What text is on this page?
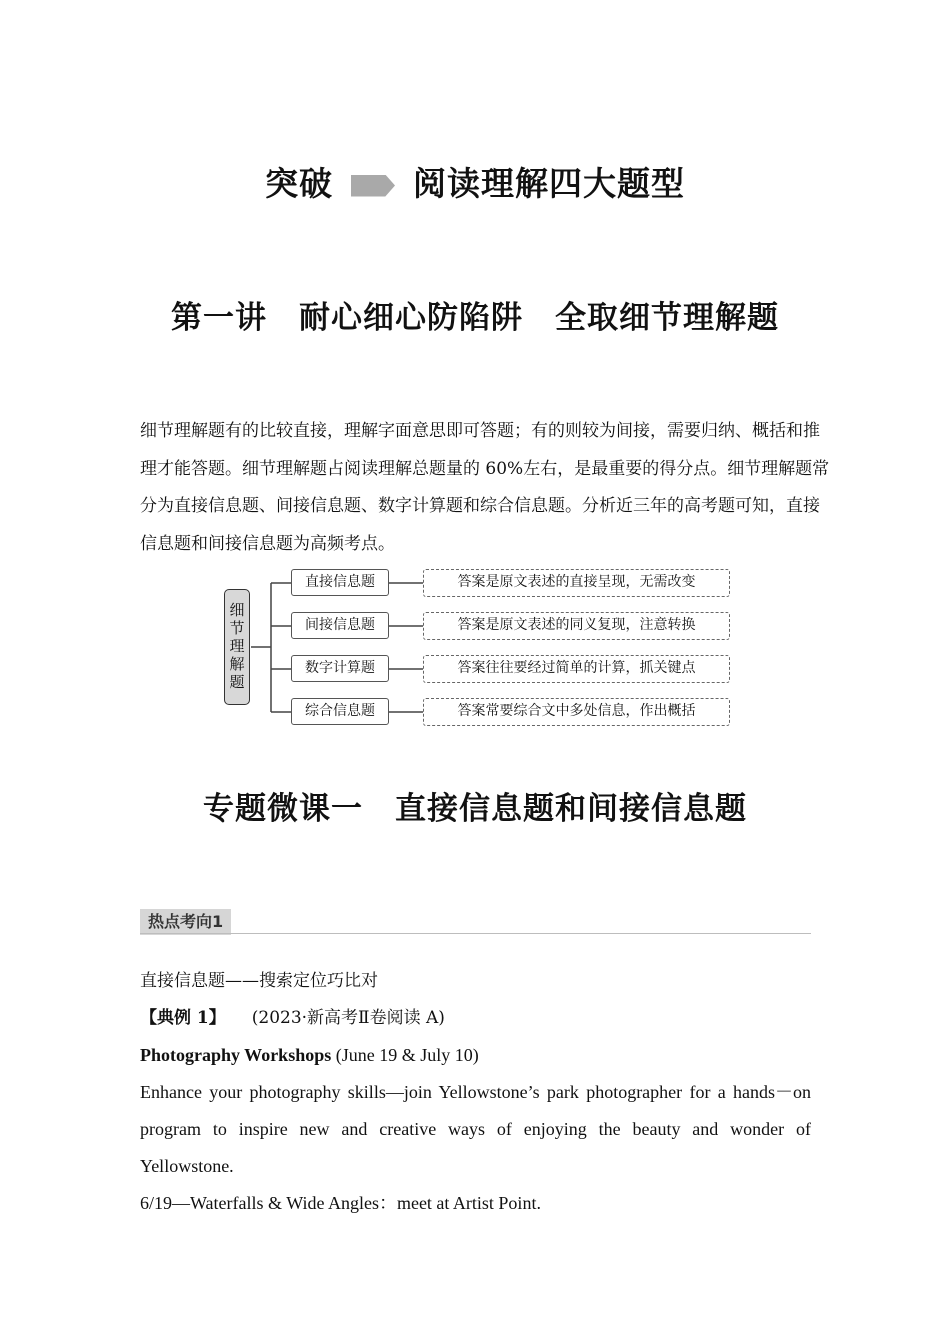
突破 阅读理解四大题型
第一讲　耐心细心防陷阱　全取细节理解题
细节理解题有的比较直接，理解字面意思即可答题；有的则较为间接，需要归纳、概括和推理才能答题。细节理解题占阅读理解总题量的 60%左右，是最重要的得分点。细节理解题常分为直接信息题、间接信息题、数字计算题和综合信息题。分析近三年的高考题可知，直接信息题和间接信息题为高频考点。
细节理解题
直接信息题	答案是原文表述的直接呈现，无需改变
间接信息题	答案是原文表述的同义复现，注意转换
数字计算题	答案往往要经过简单的计算，抓关键点
综合信息题	答案常要综合文中多处信息，作出概括
专题微课一　直接信息题和间接信息题
热点考向1

直接信息题——搜索定位巧比对

【典例 1】 (2023·新高考Ⅱ卷阅读 A)

Photography Workshops (June 19 & July 10)

Enhance your photography skills—join Yellowstone’s park photographer for a hands－on program to inspire new and creative ways of enjoying the beauty and wonder of Yellowstone.

6/19—Waterfalls & Wide Angles：meet at Artist Point.
